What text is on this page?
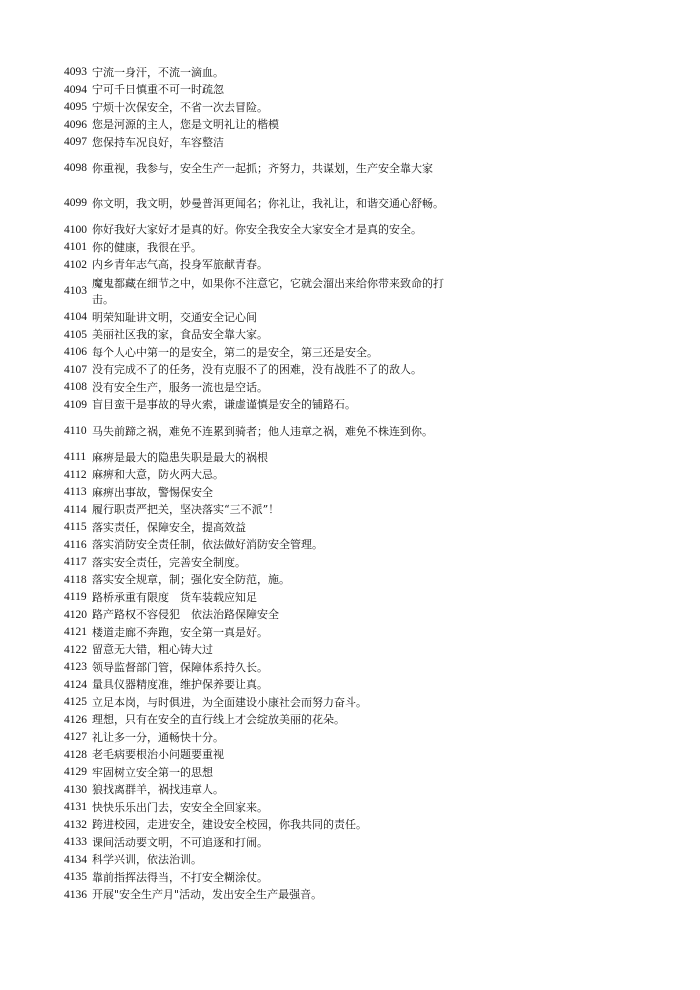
4093 宁流一身汗，不流一滴血。
4094 宁可千日慎重不可一时疏忽
4095 宁烦十次保安全，不省一次去冒险。
4096 您是河源的主人，您是文明礼让的楷模
4097 您保持车况良好，车容整洁
4098 你重视，我参与，安全生产一起抓；齐努力，共谋划，生产安全靠大家
4099 你文明，我文明，妙曼普洱更闻名；你礼让，我礼让，和谐交通心舒畅。
4100 你好我好大家好才是真的好。你安全我安全大家安全才是真的安全。
4101 你的健康，我很在乎。
4102 内乡青年志气高，投身军旅献青春。
4103
魔鬼都藏在细节之中，如果你不注意它，它就会溜出来给你带来致命的打击。
4104 明荣知耻讲文明，交通安全记心间
4105 美丽社区我的家，食品安全靠大家。
4106 每个人心中第一的是安全，第二的是安全，第三还是安全。
4107 没有完成不了的任务，没有克服不了的困难，没有战胜不了的敌人。
4108 没有安全生产，服务一流也是空话。
4109 盲目蛮干是事故的导火索，谦虚谨慎是安全的铺路石。
4110 马失前蹄之祸，难免不连累到骑者；他人违章之祸，难免不株连到你。
4111 麻痹是最大的隐患失职是最大的祸根
4112 麻痹和大意，防火两大忌。
4113 麻痹出事故，警惕保安全
4114 履行职责严把关，坚决落实“三不派”！
4115 落实责任，保障安全，提高效益
4116 落实消防安全责任制，依法做好消防安全管理。
4117 落实安全责任，完善安全制度。
4118 落实安全规章，制；强化安全防范，施。
4119 路桥承重有限度　货车装载应知足
4120 路产路权不容侵犯　依法治路保障安全
4121 楼道走廊不奔跑，安全第一真是好。
4122 留意无大错，粗心铸大过
4123 领导监督部门管，保障体系持久长。
4124 量具仪器精度准，维护保养要让真。
4125 立足本岗，与时俱进，为全面建设小康社会而努力奋斗。
4126 理想，只有在安全的直行线上才会绽放美丽的花朵。
4127 礼让多一分，通畅快十分。
4128 老毛病要根治小问题要重视
4129 牢固树立安全第一的思想
4130 狼找离群羊，祸找违章人。
4131 快快乐乐出门去，安安全全回家来。
4132 跨进校园，走进安全，建设安全校园，你我共同的责任。
4133 课间活动要文明，不可追逐和打闹。
4134 科学兴训，依法治训。
4135 靠前指挥法得当，不打安全糊涂仗。
4136 开展"安全生产月"活动，发出安全生产最强音。
